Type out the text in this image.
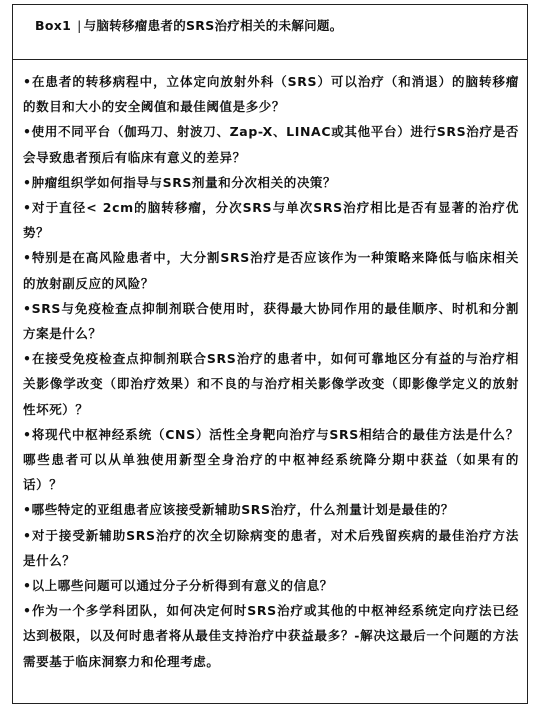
Box1 | 与脑转移瘤患者的SRS治疗相关的未解问题。

•在患者的转移病程中，立体定向放射外科（SRS）可以治疗（和消退）的脑转移瘤的数目和大小的安全阈值和最佳阈值是多少？

•使用不同平台（伽玛刀、射波刀、Zap-X、LINAC或其他平台）进行SRS治疗是否会导致患者预后有临床有意义的差异？

•肿瘤组织学如何指导与SRS剂量和分次相关的决策？

•对于直径< 2cm的脑转移瘤，分次SRS与单次SRS治疗相比是否有显著的治疗优势？

•特别是在高风险患者中，大分割SRS治疗是否应该作为一种策略来降低与临床相关的放射副反应的风险？

•SRS与免疫检查点抑制剂联合使用时，获得最大协同作用的最佳顺序、时机和分割方案是什么？

•在接受免疫检查点抑制剂联合SRS治疗的患者中，如何可靠地区分有益的与治疗相关影像学改变（即治疗效果）和不良的与治疗相关影像学改变（即影像学定义的放射性坏死）？

•将现代中枢神经系统（CNS）活性全身靶向治疗与SRS相结合的最佳方法是什么？哪些患者可以从单独使用新型全身治疗的中枢神经系统降分期中获益（如果有的话）？

•哪些特定的亚组患者应该接受新辅助SRS治疗，什么剂量计划是最佳的？

•对于接受新辅助SRS治疗的次全切除病变的患者，对术后残留疾病的最佳治疗方法是什么？

•以上哪些问题可以通过分子分析得到有意义的信息？

•作为一个多学科团队，如何决定何时SRS治疗或其他的中枢神经系统定向疗法已经达到极限，以及何时患者将从最佳支持治疗中获益最多？-解决这最后一个问题的方法需要基于临床洞察力和伦理考虑。
